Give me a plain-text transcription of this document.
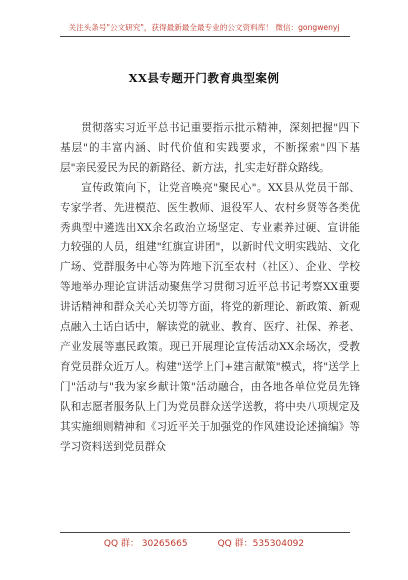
关注头条号"公文研究"，获得最新最全最专业的公文资料库！ 微信：gongwenyj
XX县专题开门教育典型案例

贯彻落实习近平总书记重要指示批示精神，深刻把握"四下基层"的丰富内涵、时代价值和实践要求，不断探索"四下基层"亲民爱民为民的新路径、新方法，扎实走好群众路线。

宣传政策向下，让党音唤亮"聚民心"。XX县从党员干部、专家学者、先进模范、医生教师、退役军人、农村乡贤等各类优秀典型中遴选出XX余名政治立场坚定、专业素养过硬、宣讲能力较强的人员，组建"红旗宣讲团"，以新时代文明实践站、文化广场、党群服务中心等为阵地下沉至农村（社区）、企业、学校等地举办理论宣讲活动聚焦学习贯彻习近平总书记考察XX重要讲话精神和群众关心关切等方面，将党的新理论、新政策、新观点融入土话白话中，解读党的就业、教育、医疗、社保、养老、产业发展等惠民政策。现已开展理论宣传活动XX余场次，受教育党员群众近万人。构建"送学上门+建言献策"模式，将"送学上门"活动与"我为家乡献计策"活动融合，由各地各单位党员先锋队和志愿者服务队上门为党员群众送学送教，将中央八项规定及其实施细则精神和《习近平关于加强党的作风建设论述摘编》等学习资料送到党员群众

QQ 群： 30265665	QQ 群：535304092
